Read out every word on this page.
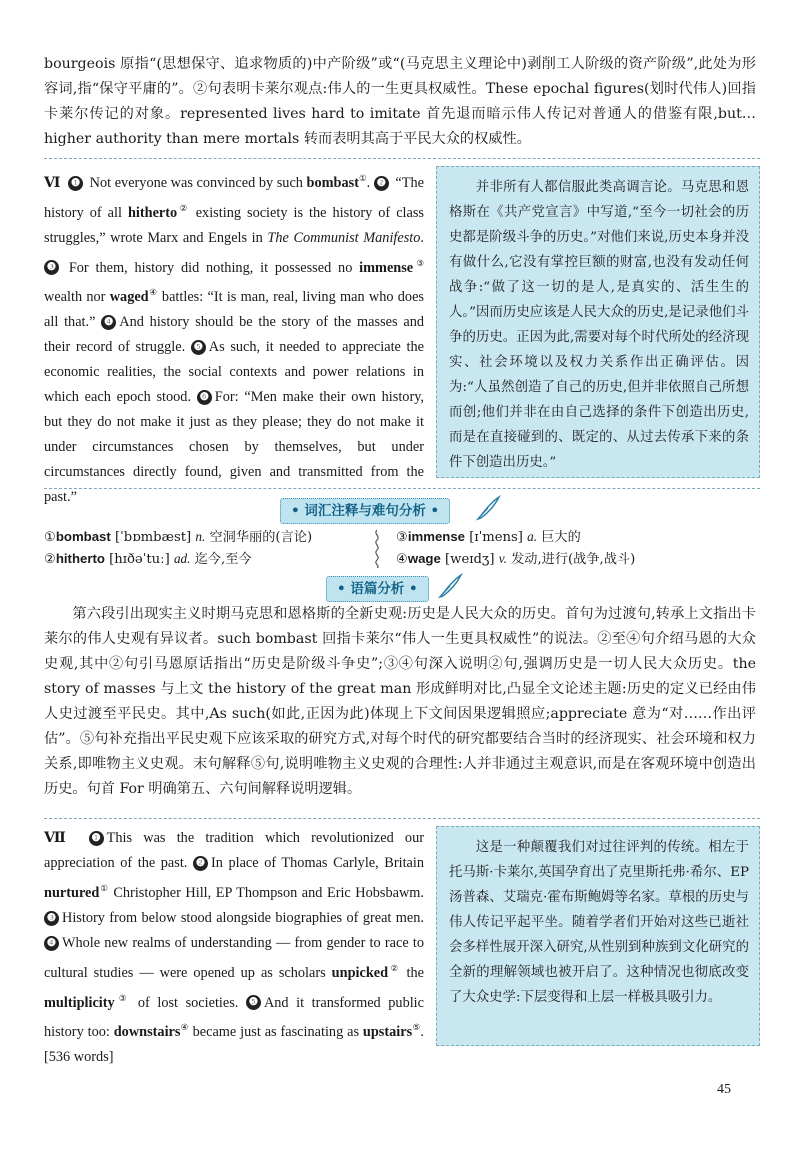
bourgeois 原指“(思想保守、追求物质的)中产阶级”或“(马克思主义理论中)剥削工人阶级的资产阶级”,此处为形容词,指“保守平庸的”。②句表明卡莱尔观点:伟人的一生更具权威性。These epochal figures(划时代伟人)回指卡莱尔传记的对象。represented lives hard to imitate 首先退而暗示伟人传记对普通人的借鉴有限,but… higher authority than mere mortals 转而表明其高于平民大众的权威性。
Ⅵ ❶ Not everyone was convinced by such bombast①. ❷ “The history of all hitherto② existing society is the history of class struggles,” wrote Marx and Engels in The Communist Manifesto. ❸ For them, history did nothing, it possessed no immense③ wealth nor waged④ battles: “It is man, real, living man who does all that.” ❹ And history should be the story of the masses and their record of struggle. ❺ As such, it needed to appreciate the economic realities, the social contexts and power relations in which each epoch stood. ❻ For: “Men make their own history, but they do not make it just as they please; they do not make it under circumstances chosen by themselves, but under circumstances directly found, given and transmitted from the past.”

并非所有人都信服此类高调言论。马克思和恩格斯在《共产党宣言》中写道,“至今一切社会的历史都是阶级斗争的历史。”对他们来说,历史本身并没有做什么,它没有掌控巨额的财富,也没有发动任何战争:“做了这一切的是人,是真实的、活生生的人。”因而历史应该是人民大众的历史,是记录他们斗争的历史。正因为此,需要对每个时代所处的经济现实、社会环境以及权力关系作出正确评估。因为:“人虽然创造了自己的历史,但并非依照自己所想而创;他们并非在由自己选择的条件下创造出历史,而是在直接碰到的、既定的、从过去传承下来的条件下创造出历史。”

• 词汇注释与难句分析 •
①bombast [ˈbɒmbæst] n. 空洞华丽的(言论)	③immense [ɪˈmens] a. 巨大的
②hitherto [hɪðəˈtuː] ad. 迄今,至今	④wage [weɪdʒ] v. 发动,进行(战争,战斗)
• 语篇分析 •
第六段引出现实主义时期马克思和恩格斯的全新史观:历史是人民大众的历史。首句为过渡句,转承上文指出卡莱尔的伟人史观有异议者。such bombast 回指卡莱尔“伟人一生更具权威性”的说法。②至④句介绍马恩的大众史观,其中②句引马恩原话指出“历史是阶级斗争史”;③④句深入说明②句,强调历史是一切人民大众历史。the story of masses 与上文 the history of the great man 形成鲜明对比,凸显全文论述主题:历史的定义已经由伟人史过渡至平民史。其中,As such(如此,正因为此)体现上下文间因果逻辑照应;appreciate 意为“对……作出评估”。⑤句补充指出平民史观下应该采取的研究方式,对每个时代的研究都要结合当时的经济现实、社会环境和权力关系,即唯物主义史观。末句解释⑤句,说明唯物主义史观的合理性:人并非通过主观意识,而是在客观环境中创造出历史。句首 For 明确第五、六句间解释说明逻辑。
Ⅶ ❶ This was the tradition which revolutionized our appreciation of the past. ❷ In place of Thomas Carlyle, Britain nurtured① Christopher Hill, EP Thompson and Eric Hobsbawm. ❸ History from below stood alongside biographies of great men. ❹ Whole new realms of understanding — from gender to race to cultural studies — were opened up as scholars unpicked② the multiplicity③ of lost societies. ❺ And it transformed public history too: downstairs④ became just as fascinating as upstairs⑤. [536 words]

这是一种颠覆我们对过往评判的传统。相左于托马斯·卡莱尔,英国孕育出了克里斯托弗·希尔、EP 汤普森、艾瑞克·霍布斯鲍姆等名家。草根的历史与伟人传记平起平坐。随着学者们开始对这些已逝社会多样性展开深入研究,从性别到种族到文化研究的全新的理解领域也被开启了。这种情况也彻底改变了大众史学:下层变得和上层一样极具吸引力。

45
